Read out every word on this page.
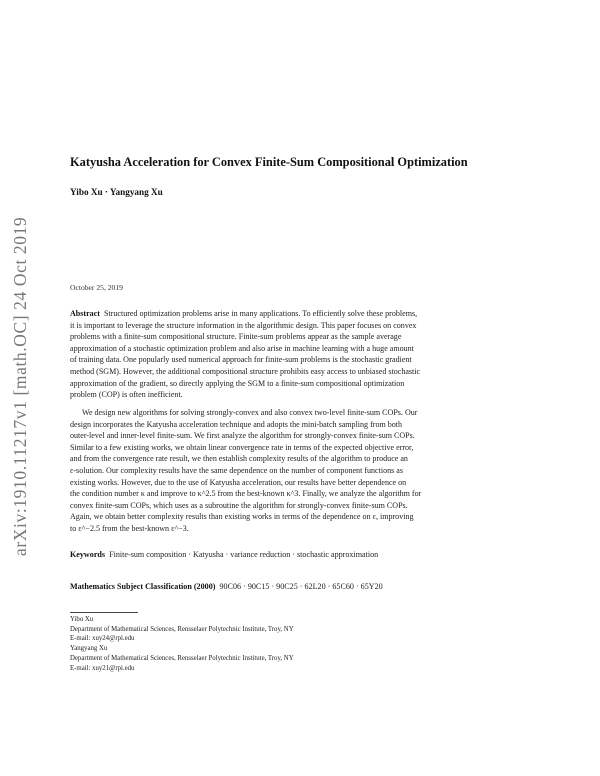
arXiv:1910.11217v1 [math.OC] 24 Oct 2019
Katyusha Acceleration for Convex Finite-Sum Compositional Optimization
Yibo Xu · Yangyang Xu
October 25, 2019
Abstract Structured optimization problems arise in many applications. To efficiently solve these problems,
it is important to leverage the structure information in the algorithmic design. This paper focuses on convex
problems with a finite-sum compositional structure. Finite-sum problems appear as the sample average
approximation of a stochastic optimization problem and also arise in machine learning with a huge amount
of training data. One popularly used numerical approach for finite-sum problems is the stochastic gradient
method (SGM). However, the additional compositional structure prohibits easy access to unbiased stochastic
approximation of the gradient, so directly applying the SGM to a finite-sum compositional optimization
problem (COP) is often inefficient.
We design new algorithms for solving strongly-convex and also convex two-level finite-sum COPs. Our
design incorporates the Katyusha acceleration technique and adopts the mini-batch sampling from both
outer-level and inner-level finite-sum. We first analyze the algorithm for strongly-convex finite-sum COPs.
Similar to a few existing works, we obtain linear convergence rate in terms of the expected objective error,
and from the convergence rate result, we then establish complexity results of the algorithm to produce an
ε-solution. Our complexity results have the same dependence on the number of component functions as
existing works. However, due to the use of Katyusha acceleration, our results have better dependence on
the condition number κ and improve to κ^2.5 from the best-known κ^3. Finally, we analyze the algorithm for
convex finite-sum COPs, which uses as a subroutine the algorithm for strongly-convex finite-sum COPs.
Again, we obtain better complexity results than existing works in terms of the dependence on ε, improving
to ε^−2.5 from the best-known ε^−3.
Keywords Finite-sum composition · Katyusha · variance reduction · stochastic approximation
Mathematics Subject Classification (2000) 90C06 · 90C15 · 90C25 · 62L20 · 65C60 · 65Y20
Yibo Xu
Department of Mathematical Sciences, Rensselaer Polytechnic Institute, Troy, NY
E-mail: xuy24@rpi.edu
Yangyang Xu
Department of Mathematical Sciences, Rensselaer Polytechnic Institute, Troy, NY
E-mail: xuy21@rpi.edu
